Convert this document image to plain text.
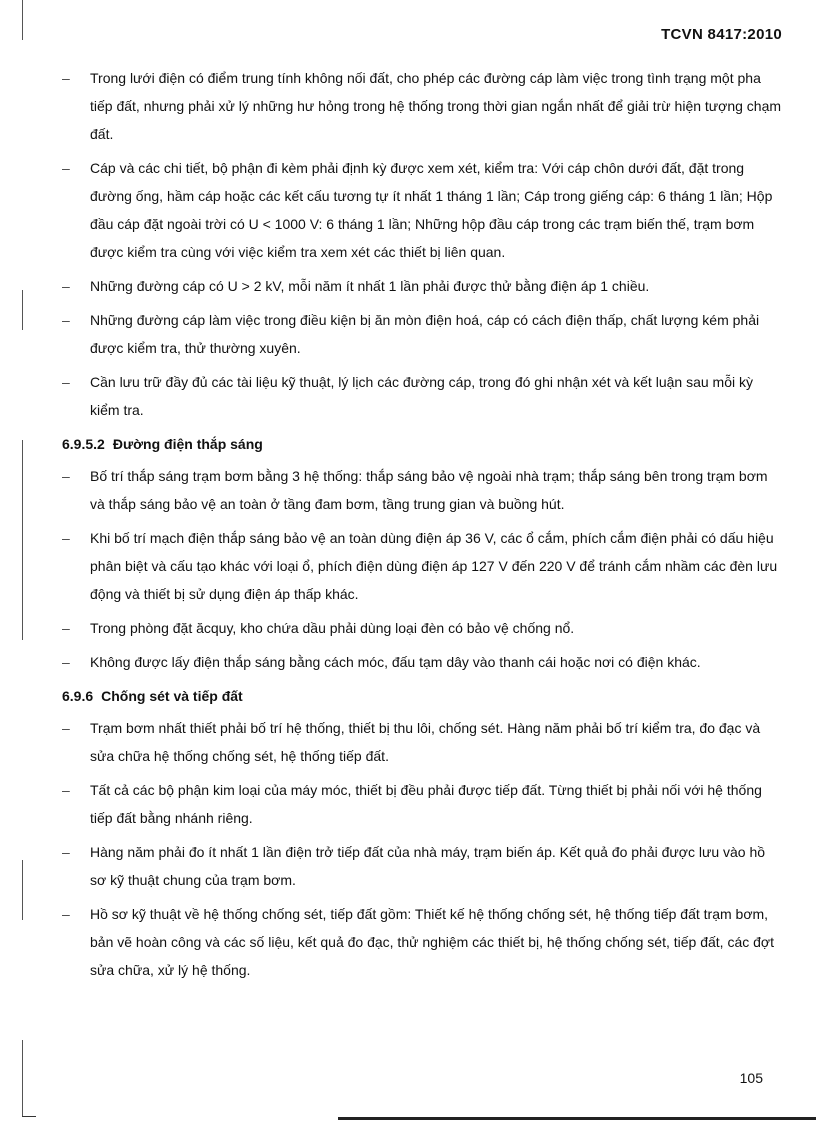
TCVN 8417:2010
–	Trong lưới điện có điểm trung tính không nối đất, cho phép các đường cáp làm việc trong tình trạng một pha tiếp đất, nhưng phải xử lý những hư hỏng trong hệ thống trong thời gian ngắn nhất để giải trừ hiện tượng chạm đất.
–	Cáp và các chi tiết, bộ phận đi kèm phải định kỳ được xem xét, kiểm tra: Với cáp chôn dưới đất, đặt trong đường ống, hầm cáp hoặc các kết cấu tương tự ít nhất 1 tháng 1 lần; Cáp trong giếng cáp: 6 tháng 1 lần; Hộp đầu cáp đặt ngoài trời có U < 1000 V: 6 tháng 1 lần; Những hộp đầu cáp trong các trạm biến thế, trạm bơm được kiểm tra cùng với việc kiểm tra xem xét các thiết bị liên quan.
–	Những đường cáp có U > 2 kV, mỗi năm ít nhất 1 lần phải được thử bằng điện áp 1 chiều.
–	Những đường cáp làm việc trong điều kiện bị ăn mòn điện hoá, cáp có cách điện thấp, chất lượng kém phải được kiểm tra, thử thường xuyên.
–	Cần lưu trữ đầy đủ các tài liệu kỹ thuật, lý lịch các đường cáp, trong đó ghi nhận xét và kết luận sau mỗi kỳ kiểm tra.
6.9.5.2 Đường điện thắp sáng
–	Bố trí thắp sáng trạm bơm bằng 3 hệ thống: thắp sáng bảo vệ ngoài nhà trạm; thắp sáng bên trong trạm bơm và thắp sáng bảo vệ an toàn ở tầng đam bơm, tầng trung gian và buồng hút.
–	Khi bố trí mạch điện thắp sáng bảo vệ an toàn dùng điện áp 36 V, các ổ cắm, phích cắm điện phải có dấu hiệu phân biệt và cấu tạo khác với loại ổ, phích điện dùng điện áp 127 V đến 220 V để tránh cắm nhầm các đèn lưu động và thiết bị sử dụng điện áp thấp khác.
–	Trong phòng đặt ăcquy, kho chứa dầu phải dùng loại đèn có bảo vệ chống nổ.
–	Không được lấy điện thắp sáng bằng cách móc, đấu tạm dây vào thanh cái hoặc nơi có điện khác.
6.9.6 Chống sét và tiếp đất
–	Trạm bơm nhất thiết phải bố trí hệ thống, thiết bị thu lôi, chống sét. Hàng năm phải bố trí kiểm tra, đo đạc và sửa chữa hệ thống chống sét, hệ thống tiếp đất.
–	Tất cả các bộ phận kim loại của máy móc, thiết bị đều phải được tiếp đất. Từng thiết bị phải nối với hệ thống tiếp đất bằng nhánh riêng.
–	Hàng năm phải đo ít nhất 1 lần điện trở tiếp đất của nhà máy, trạm biến áp. Kết quả đo phải được lưu vào hồ sơ kỹ thuật chung của trạm bơm.
–	Hồ sơ kỹ thuật về hệ thống chống sét, tiếp đất gồm: Thiết kế hệ thống chống sét, hệ thống tiếp đất trạm bơm, bản vẽ hoàn công và các số liệu, kết quả đo đạc, thử nghiệm các thiết bị, hệ thống chống sét, tiếp đất, các đợt sửa chữa, xử lý hệ thống.
105
